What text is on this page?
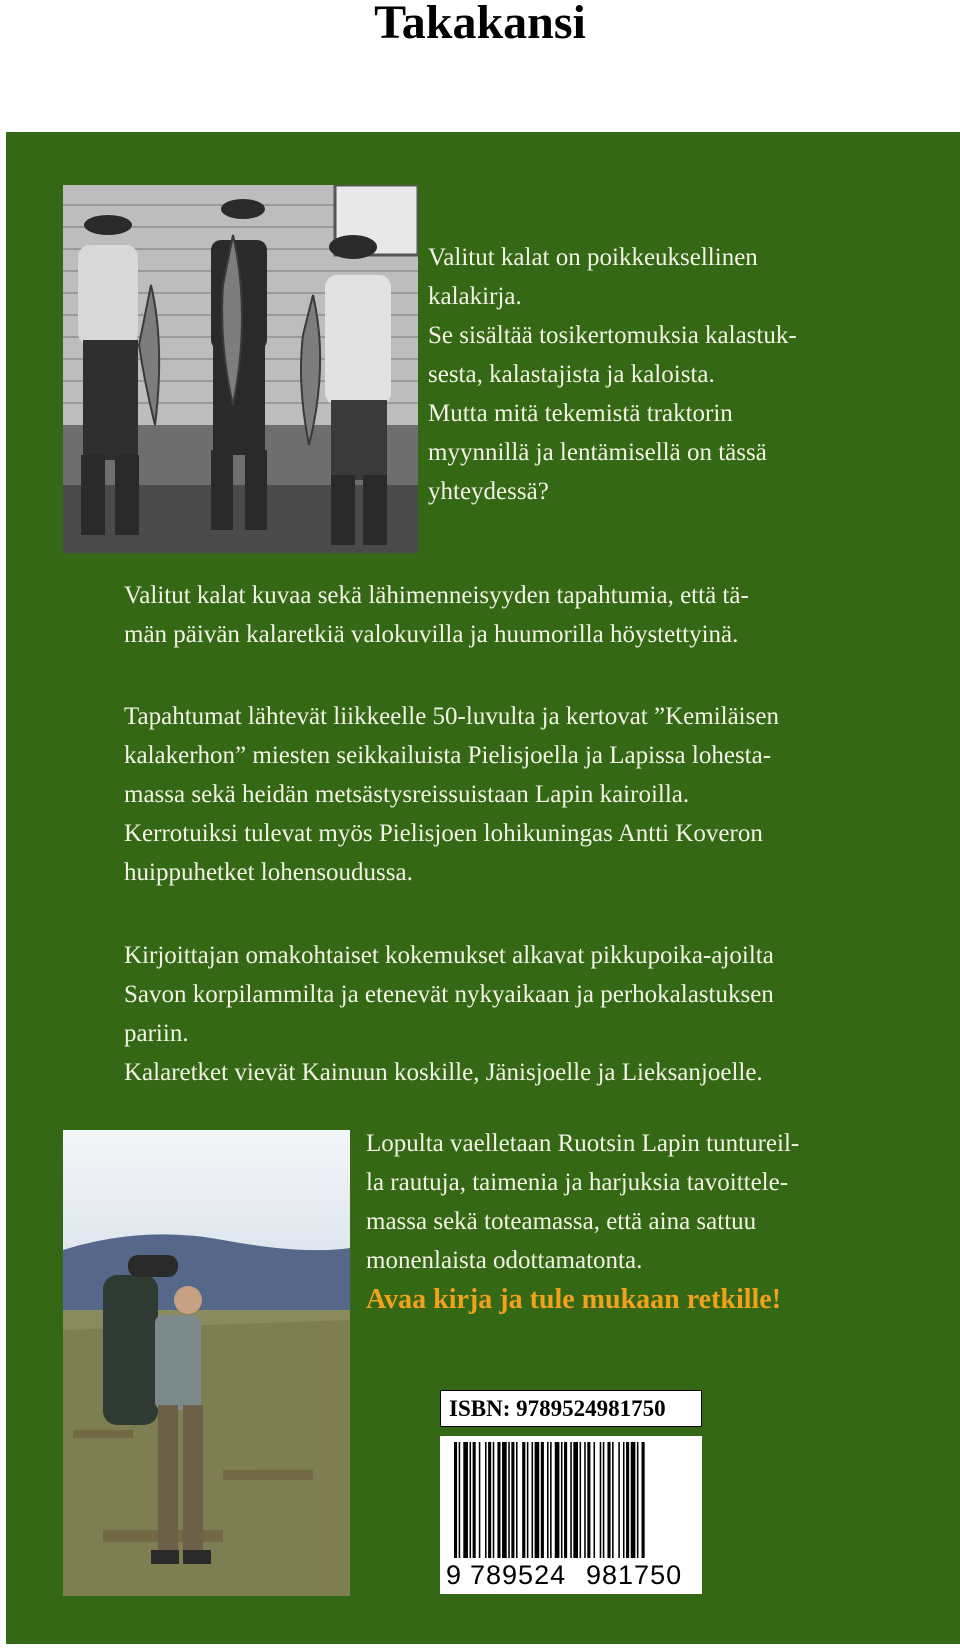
Takakansi

Valitut kalat on poikkeuksellinen

kalakirja.

Se sisältää tosikertomuksia kalastuk-

sesta, kalastajista ja kaloista.

Mutta mitä tekemistä traktorin

myynnillä ja lentämisellä on tässä

yhteydessä?

Valitut kalat kuvaa sekä lähimenneisyyden tapahtumia, että tä-

män päivän kalaretkiä valokuvilla ja huumorilla höystettyinä.

Tapahtumat lähtevät liikkeelle 50-luvulta ja kertovat ”Kemiläisen

kalakerhon” miesten seikkailuista Pielisjoella ja Lapissa lohesta-

massa sekä heidän metsästysreissuistaan Lapin kairoilla.

Kerrotuiksi tulevat myös Pielisjoen lohikuningas Antti Koveron

huippuhetket lohensoudussa.

Kirjoittajan omakohtaiset kokemukset alkavat pikkupoika-ajoilta

Savon korpilammilta ja etenevät nykyaikaan ja perhokalastuksen

pariin.

Kalaretket vievät Kainuun koskille, Jänisjoelle ja Lieksanjoelle.

Lopulta vaelletaan Ruotsin Lapin tuntureil-

la rautuja, taimenia ja harjuksia tavoittele-

massa sekä toteamassa, että aina sattuu

monenlaista odottamatonta.

Avaa kirja ja tule mukaan retkille!

ISBN: 9789524981750
9 789524 981750
